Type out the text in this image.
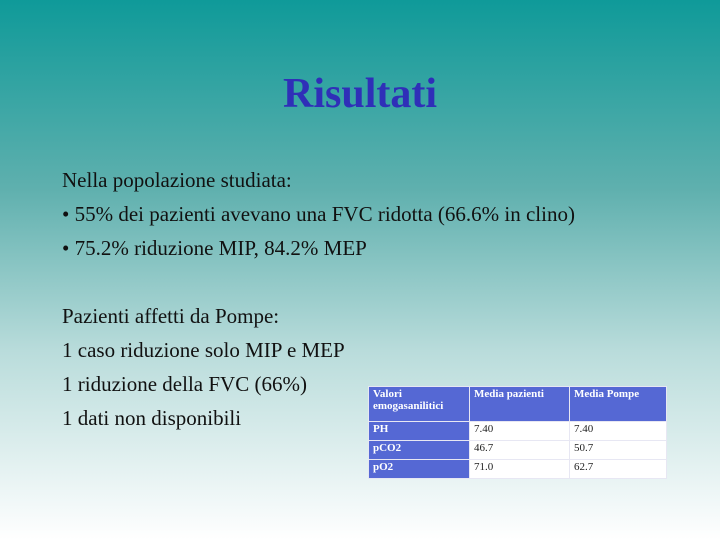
Risultati
Nella popolazione studiata:
• 55% dei pazienti avevano una FVC ridotta (66.6% in clino)
• 75.2% riduzione MIP, 84.2% MEP
Pazienti affetti da Pompe:
1 caso riduzione solo MIP e MEP
1 riduzione della FVC (66%)
1 dati non disponibili
Valori emogasanilitici	Media pazienti	Media Pompe
PH	7.40	7.40
pCO2	46.7	50.7
pO2	71.0	62.7
